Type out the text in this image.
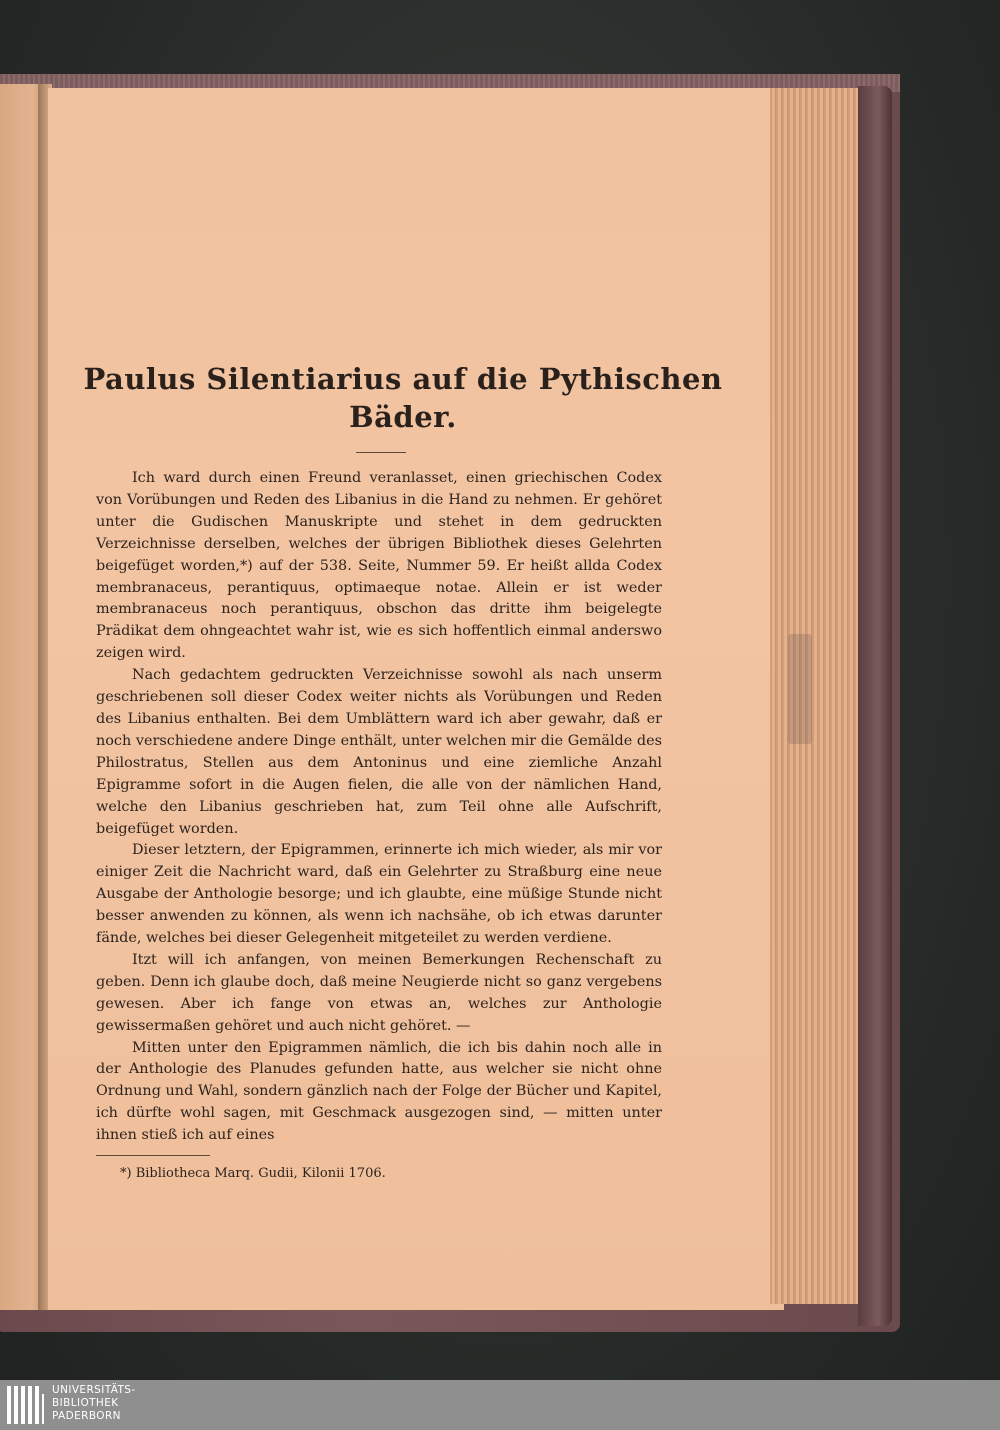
Paulus Silentiarius auf die Pythischen Bäder.

Ich ward durch einen Freund veranlasset, einen griechischen Codex von Vorübungen und Reden des Libanius in die Hand zu nehmen. Er gehöret unter die Gudischen Manuskripte und stehet in dem gedruckten Verzeichnisse derselben, welches der übrigen Bibliothek dieses Gelehrten beigefüget worden,*) auf der 538. Seite, Nummer 59. Er heißt allda Codex membranaceus, perantiquus, optimaeque notae. Allein er ist weder membranaceus noch perantiquus, obschon das dritte ihm beigelegte Prädikat dem ohngeachtet wahr ist, wie es sich hoffentlich einmal anderswo zeigen wird.

Nach gedachtem gedruckten Verzeichnisse sowohl als nach unserm geschriebenen soll dieser Codex weiter nichts als Vorübungen und Reden des Libanius enthalten. Bei dem Umblättern ward ich aber gewahr, daß er noch verschiedene andere Dinge enthält, unter welchen mir die Gemälde des Philostratus, Stellen aus dem Antoninus und eine ziemliche Anzahl Epigramme sofort in die Augen fielen, die alle von der nämlichen Hand, welche den Libanius geschrieben hat, zum Teil ohne alle Aufschrift, beigefüget worden.

Dieser letztern, der Epigrammen, erinnerte ich mich wieder, als mir vor einiger Zeit die Nachricht ward, daß ein Gelehrter zu Straßburg eine neue Ausgabe der Anthologie besorge; und ich glaubte, eine müßige Stunde nicht besser anwenden zu können, als wenn ich nachsähe, ob ich etwas darunter fände, welches bei dieser Gelegenheit mitgeteilet zu werden verdiene.

Itzt will ich anfangen, von meinen Bemerkungen Rechenschaft zu geben. Denn ich glaube doch, daß meine Neugierde nicht so ganz vergebens gewesen. Aber ich fange von etwas an, welches zur Anthologie gewissermaßen gehöret und auch nicht gehöret. —

Mitten unter den Epigrammen nämlich, die ich bis dahin noch alle in der Anthologie des Planudes gefunden hatte, aus welcher sie nicht ohne Ordnung und Wahl, sondern gänzlich nach der Folge der Bücher und Kapitel, ich dürfte wohl sagen, mit Geschmack ausgezogen sind, — mitten unter ihnen stieß ich auf eines

*) Bibliotheca Marq. Gudii, Kilonii 1706.
UNIVERSITÄTS-
BIBLIOTHEK
PADERBORN
